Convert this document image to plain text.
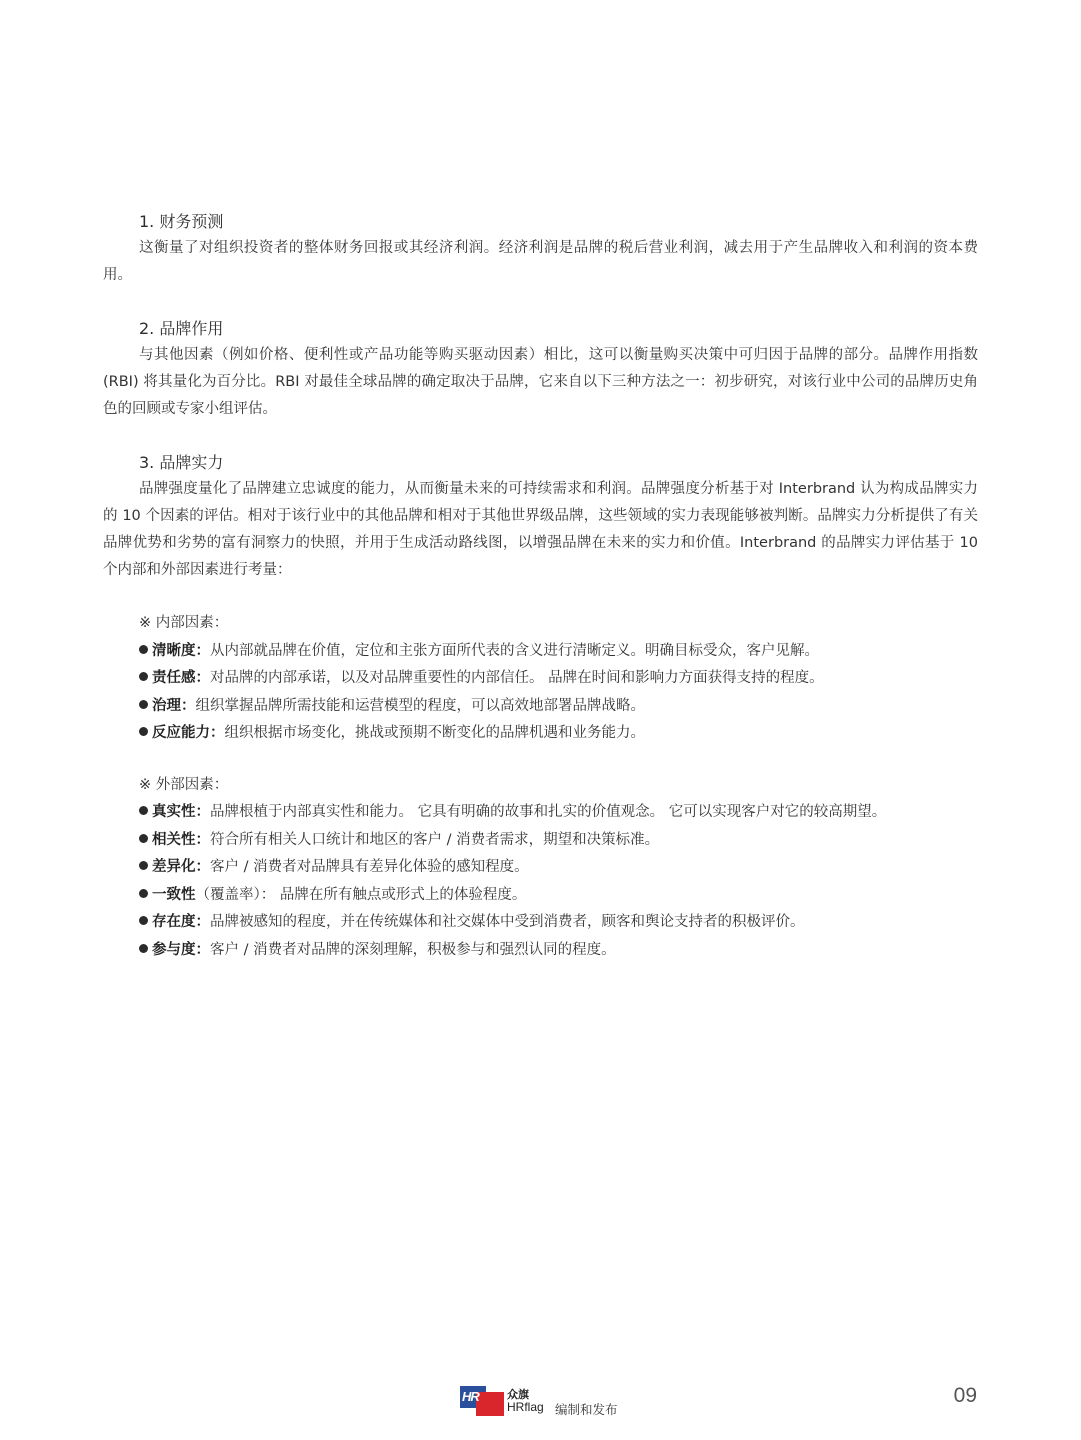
1. 财务预测

这衡量了对组织投资者的整体财务回报或其经济利润。经济利润是品牌的税后营业利润，减去用于产生品牌收入和利润的资本费用。

2. 品牌作用

与其他因素（例如价格、便利性或产品功能等购买驱动因素）相比，这可以衡量购买决策中可归因于品牌的部分。品牌作用指数 (RBI) 将其量化为百分比。RBI 对最佳全球品牌的确定取决于品牌，它来自以下三种方法之一：初步研究，对该行业中公司的品牌历史角色的回顾或专家小组评估。

3. 品牌实力

品牌强度量化了品牌建立忠诚度的能力，从而衡量未来的可持续需求和利润。品牌强度分析基于对 Interbrand 认为构成品牌实力的 10 个因素的评估。相对于该行业中的其他品牌和相对于其他世界级品牌，这些领域的实力表现能够被判断。品牌实力分析提供了有关品牌优势和劣势的富有洞察力的快照，并用于生成活动路线图，以增强品牌在未来的实力和价值。Interbrand 的品牌实力评估基于 10 个内部和外部因素进行考量：

※ 内部因素：
清晰度：从内部就品牌在价值，定位和主张方面所代表的含义进行清晰定义。明确目标受众，客户见解。
责任感：对品牌的内部承诺，以及对品牌重要性的内部信任。 品牌在时间和影响力方面获得支持的程度。
治理：组织掌握品牌所需技能和运营模型的程度，可以高效地部署品牌战略。
反应能力：组织根据市场变化，挑战或预期不断变化的品牌机遇和业务能力。
※ 外部因素：
真实性：品牌根植于内部真实性和能力。 它具有明确的故事和扎实的价值观念。 它可以实现客户对它的较高期望。
相关性：符合所有相关人口统计和地区的客户 / 消费者需求，期望和决策标准。
差异化：客户 / 消费者对品牌具有差异化体验的感知程度。
一致性（覆盖率）： 品牌在所有触点或形式上的体验程度。
存在度：品牌被感知的程度，并在传统媒体和社交媒体中受到消费者，顾客和舆论支持者的积极评价。
参与度：客户 / 消费者对品牌的深刻理解，积极参与和强烈认同的程度。
HR	众旗
HRflag 编制和发布
09
